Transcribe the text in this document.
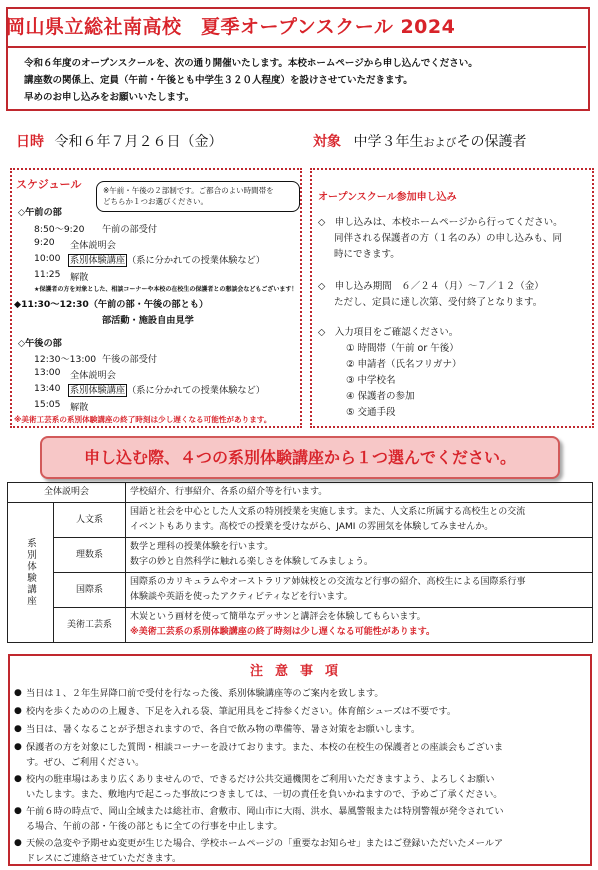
岡山県立総社南高校　夏季オープンスクール 2024
令和６年度のオープンスクールを、次の通り開催いたします。本校ホームページから申し込んでください。
講座数の関係上、定員（午前・午後とも中学生３２０人程度）を設けさせていただきます。
早めのお申し込みをお願いいたします。
日時 令和６年７月２６日（金）	対象 中学３年生およびその保護者
スケジュール	※午前・午後の２部制です。ご都合のよい時間帯を
どちらか１つお選びください。
◇午前の部
8:50～9:20 午前の部受付
9:20 全体説明会
10:00 系別体験講座 （系に分かれての授業体験など）
11:25 解散
★保護者の方を対象とした、相談コーナーや本校の在校生の保護者との懇談会などもございます！
◆11:30～12:30（午前の部・午後の部とも）
部活動・施設自由見学
◇午後の部
12:30～13:00 午後の部受付
13:00 全体説明会
13:40 系別体験講座 （系に分かれての授業体験など）
15:05 解散
※美術工芸系の系別体験講座の終了時刻は少し遅くなる可能性があります。
オープンスクール参加申し込み
◇　申し込みは、本校ホームページから行ってください。
同伴される保護者の方（１名のみ）の申し込みも、同
時にできます。
◇　申し込み期間　６／２４（月）～７／１２（金）
ただし、定員に達し次第、受付終了となります。
◇　入力項目をご確認ください。
① 時間帯（午前 or 午後）
② 申請者（氏名フリガナ）
③ 中学校名
④ 保護者の参加
⑤ 交通手段
申し込む際、４つの系別体験講座から１つ選んでください。
全体説明会		学校紹介、行事紹介、各系の紹介等を行います。
系別体験講座	人文系	国語と社会を中心とした人文系の特別授業を実施します。また、人文系に所属する高校生との交流
イベントもあります。高校での授業を受けながら、JAMI の雰囲気を体験してみませんか。

	理数系	数学と理科の授業体験を行います。
数字の妙と自然科学に触れる楽しさを体験してみましょう。

	国際系	国際系のカリキュラムやオーストラリア姉妹校との交流など行事の紹介、高校生による国際系行事
体験談や英語を使ったアクティビティなどを行います。

	美術工芸系	木炭という画材を使って簡単なデッサンと講評会を体験してもらいます。
※美術工芸系の系別体験講座の終了時刻は少し遅くなる可能性があります。
注意事項
● 当日は１、２年生昇降口前で受付を行なった後、系別体験講座等のご案内を致します。
● 校内を歩くためのの上履き、下足を入れる袋、筆記用具をご持参ください。体育館シューズは不要です。
● 当日は、暑くなることが予想されますので、各自で飲み物の準備等、暑さ対策をお願いします。
● 保護者の方を対象にした質問・相談コーナーを設けております。また、本校の在校生の保護者との座談会もございま
す。ぜひ、ご利用ください。
● 校内の駐車場はあまり広くありませんので、できるだけ公共交通機関をご利用いただきますよう、よろしくお願い
いたします。また、敷地内で起こった事故につきましては、一切の責任を負いかねますので、予めご了承ください。
● 午前６時の時点で、岡山全域または総社市、倉敷市、岡山市に大雨、洪水、暴風警報または特別警報が発令されてい
る場合、午前の部・午後の部ともに全ての行事を中止します。
● 天候の急変や予期せぬ変更が生じた場合、学校ホームページの「重要なお知らせ」またはご登録いただいたメールア
ドレスにご連絡させていただきます。
